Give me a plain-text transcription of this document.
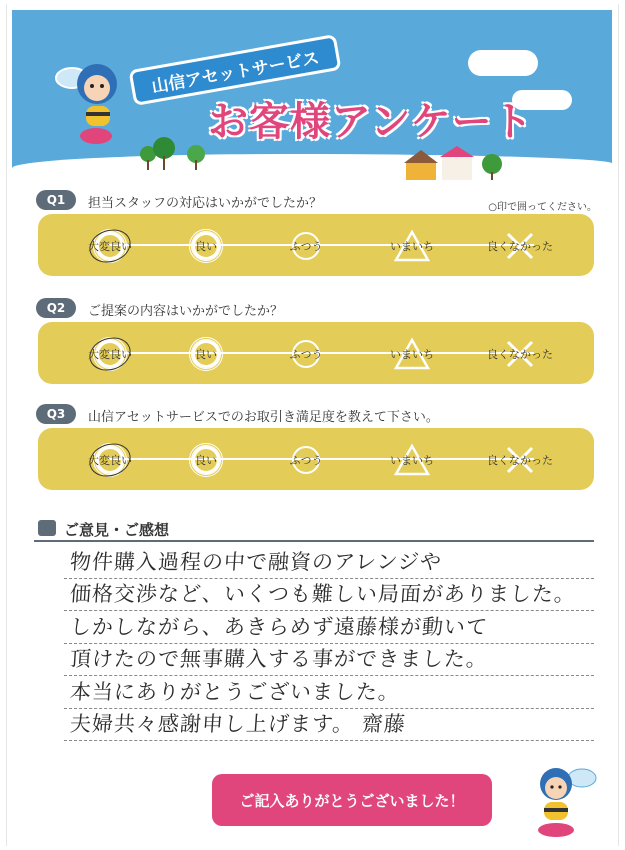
山信アセットサービス
お客様アンケート
○印で囲ってください。
Q1	担当スタッフの対応はいかがでしたか？
大変良い	良い	ふつう	いまいち	良くなかった
Q2	ご提案の内容はいかがでしたか？
大変良い	良い	ふつう	いまいち	良くなかった
Q3	山信アセットサービスでのお取引き満足度を教えて下さい。
大変良い	良い	ふつう	いまいち	良くなかった
ご意見・ご感想
物件購入過程の中で融資のアレンジや
価格交渉など、いくつも難しい局面がありました。
しかしながら、あきらめず遠藤様が動いて
頂けたので無事購入する事ができました。
本当にありがとうございました。
夫婦共々感謝申し上げます。 齋藤
ご記入ありがとうございました！
